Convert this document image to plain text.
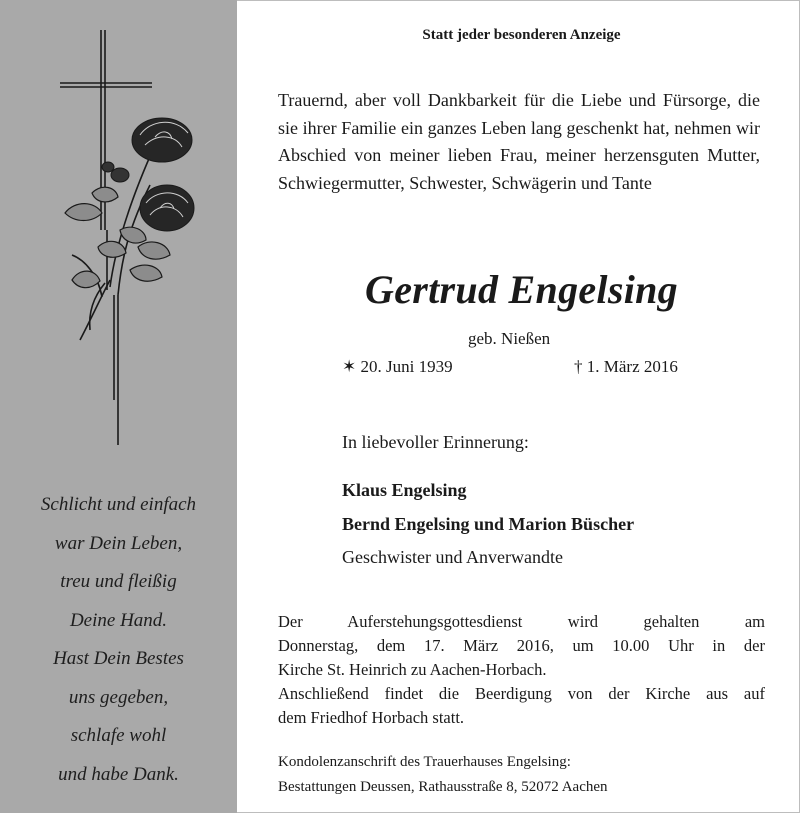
Schlicht und einfach
war Dein Leben,
treu und fleißig
Deine Hand.
Hast Dein Bestes
uns gegeben,
schlafe wohl
und habe Dank.
Statt jeder besonderen Anzeige
Trauernd, aber voll Dankbarkeit für die Liebe und Fürsorge, die sie ihrer Familie ein ganzes Leben lang geschenkt hat, nehmen wir Abschied von meiner lieben Frau, meiner herzensguten Mutter, Schwiegermutter, Schwester, Schwägerin und Tante
Gertrud Engelsing
geb. Nießen
✶ 20. Juni 1939	† 1. März 2016
In liebevoller Erinnerung:
Klaus Engelsing
Bernd Engelsing und Marion Büscher
Geschwister und Anverwandte
Der Auferstehungsgottesdienst wird gehalten am
Donnerstag, dem 17. März 2016, um 10.00 Uhr in der
Kirche St. Heinrich zu Aachen-Horbach.
Anschließend findet die Beerdigung von der Kirche aus auf
dem Friedhof Horbach statt.
Kondolenzanschrift des Trauerhauses Engelsing:
Bestattungen Deussen, Rathausstraße 8, 52072 Aachen
